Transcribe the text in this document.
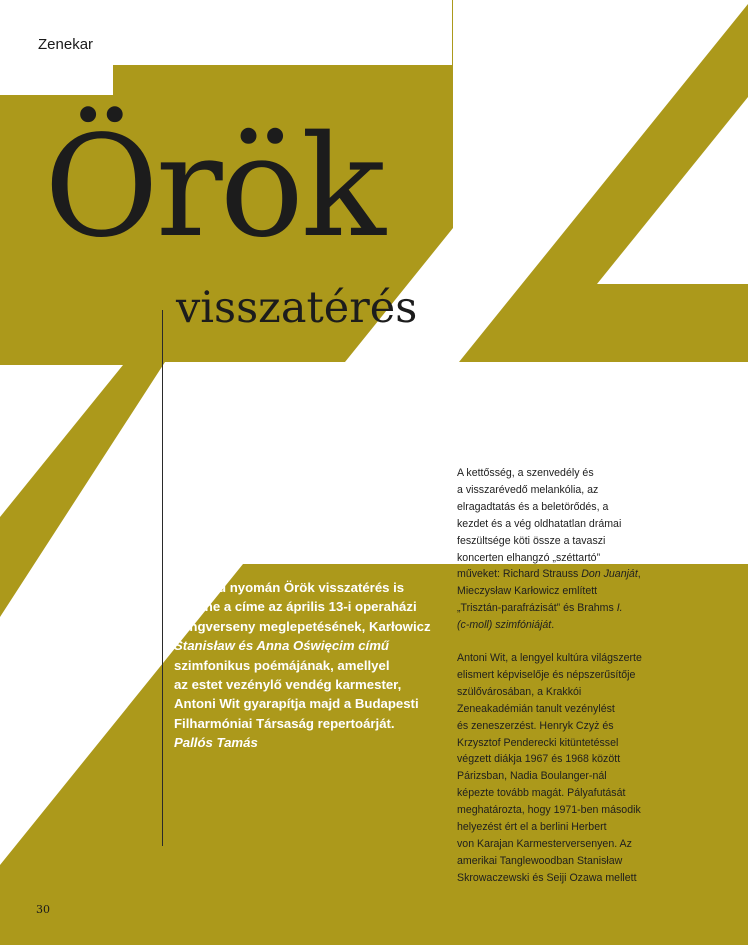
Zenekar
Örök
visszatérés
Cocteau nyomán Örök visszatérés is
lehetne a címe az április 13-i operaházi
hangverseny meglepetésének, Karłowicz
Stanisław és Anna Oświęcim című
szimfonikus poémájának, amellyel
az estet vezénylő vendég karmester,
Antoni Wit gyarapítja majd a Budapesti
Filharmóniai Társaság repertoárját.
Pallós Tamás
A kettősség, a szenvedély és
a visszarévedő melankólia, az
elragadtatás és a beletörődés, a
kezdet és a vég oldhatatlan drámai
feszültsége köti össze a tavaszi
koncerten elhangzó „széttartó”
műveket: Richard Strauss Don Juanját,
Mieczysław Karłowicz említett
„Trisztán-parafrázisát” és Brahms I.
(c-moll) szimfóniáját.
Antoni Wit, a lengyel kultúra világszerte
elismert képviselője és népszerűsítője
szülővárosában, a Krakkói
Zeneakadémián tanult vezénylést
és zeneszerzést. Henryk Czyż és
Krzysztof Penderecki kitüntetéssel
végzett diákja 1967 és 1968 között
Párizsban, Nadia Boulanger-nál
képezte tovább magát. Pályafutását
meghatározta, hogy 1971-ben második
helyezést ért el a berlini Herbert
von Karajan Karmesterversenyen. Az
amerikai Tanglewoodban Stanisław
Skrowaczewski és Seiji Ozawa mellett
30
